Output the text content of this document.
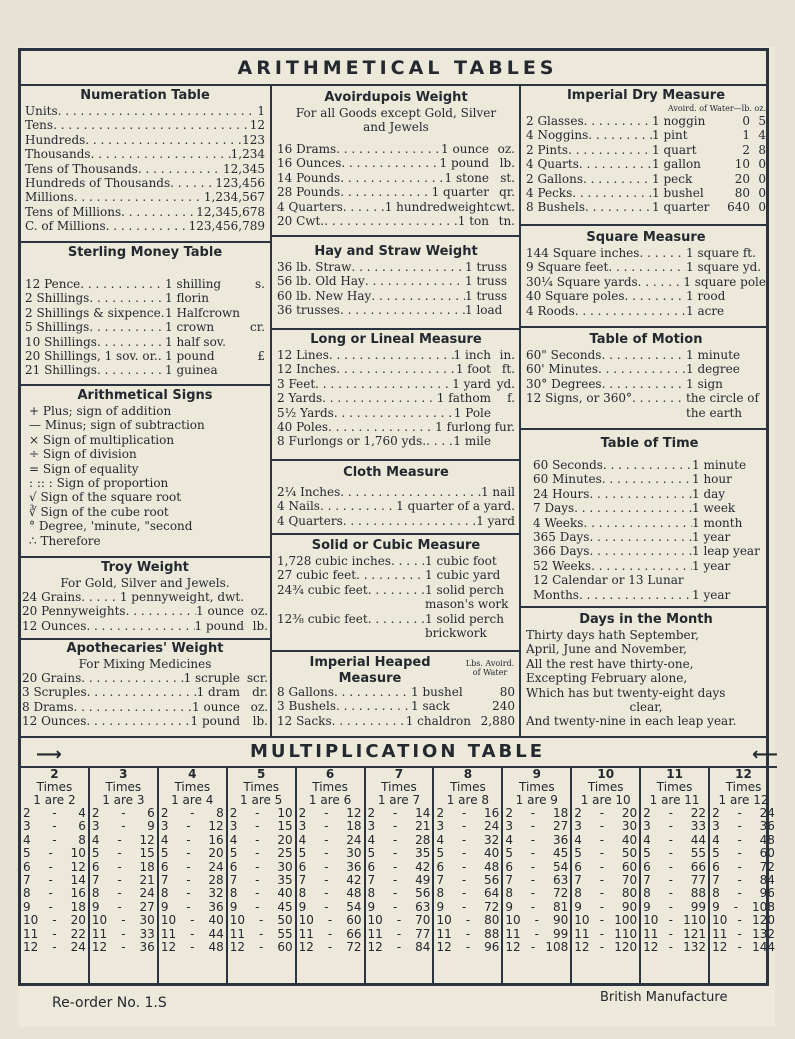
ARITHMETICAL TABLES
Numeration Table
Units . . .	1
Tens . . .	12
Hundreds . . .	123
Thousands . . .	1,234
Tens of Thousands . . .	12,345
Hundreds of Thousands . . .	123,456
Millions . . .	1,234,567
Tens of Millions . . .	12,345,678
C. of Millions . . .	123,456,789
Sterling Money Table
12 Pence . . .	1 shilling	s.
2 Shillings . . .	1 florin
2 Shillings & sixpence . . . 1 Halfcrown
5 Shillings . . .	1 crown	cr.
10 Shillings . . .	1 half sov.
20 Shillings, 1 sov. or. . . . 1 pound	£
21 Shillings . . .	1 guinea
Arithmetical Signs
+ Plus; sign of addition
— Minus; sign of subtraction
× Sign of multiplication
÷ Sign of division
= Sign of equality
: :: : Sign of proportion
√ Sign of the square root
∛ Sign of the cube root
° Degree, 'minute, "second
∴ Therefore
Troy Weight
For Gold, Silver and Jewels.
24 Grains . . .	1 pennyweight, dwt.
20 Pennyweights . . .	1 ounce oz.
12 Ounces . . .	1 pound lb.
Apothecaries' Weight
For Mixing Medicines
20 Grains . . .	1 scruple scr.
3 Scruples . . .	1 dram	dr.
8 Drams . . .	1 ounce oz.
12 Ounces . . .	1 pound	lb.
Avoirdupois Weight
For all Goods except Gold, Silver and Jewels
16 Drams . . .	1 ounce oz.
16 Ounces . . .	1 pound lb.
14 Pounds . . .	1 stone st.
28 Pounds . . .	1 quarter qr.
4 Quarters . . .	1 hundredweight cwt.
20 Cwt. . . .	1 ton tn.
Hay and Straw Weight
36 lb. Straw . . .	1 truss
56 lb. Old Hay . . .	1 truss
60 lb. New Hay . . .	1 truss
36 trusses . . .	1 load
Long or Lineal Measure
12 Lines . . .	1 inch in.
12 Inches . . .	1 foot ft.
3 Feet . . .	1 yard yd.
2 Yards . . .	1 fathom	f.
5½ Yards . . .	1 Pole
40 Poles . . .	1 furlong fur.
8 Furlongs or 1,760 yds. . . . 1 mile
Cloth Measure
2¼ Inches . . .	1 nail
4 Nails . . .	1 quarter of a yard.
4 Quarters . . .	1 yard
Solid or Cubic Measure
1,728 cubic inches . . .	1 cubic foot
27 cubic feet . . .	1 cubic yard
24¾ cubic feet . . .	1 solid perch
mason's work
12⅜ cubic feet . . .	1 solid perch
brickwork
Imperial Heaped Measure
Lbs. Avoird. of Water
8 Gallons . . .	1 bushel	80
3 Bushels . . .	1 sack	240
12 Sacks . . .	1 chaldron 2,880
Imperial Dry Measure
Avoird. of Water—lb. oz.
2 Glasses . . .	1 noggin	0 5
4 Noggins . . .	1 pint	1 4
2 Pints . . .	1 quart	2 8
4 Quarts . . .	1 gallon	10 0
2 Gallons . . .	1 peck	20 0
4 Pecks . . .	1 bushel	80 0
8 Bushels . . .	1 quarter	640 0
Square Measure
144 Square inches . . .	1 square ft.
9 Square feet . . .	1 square yd.
30¼ Square yards . . .	1 square pole
40 Square poles . . .	1 rood
4 Roods . . .	1 acre
Table of Motion
60" Seconds . . .	1 minute
60' Minutes . . .	1 degree
30° Degrees . . .	1 sign
12 Signs, or 360° . . .	the circle of
the earth
Table of Time
60 Seconds . . .	1 minute
60 Minutes . . .	1 hour
24 Hours . . .	1 day
7 Days . . .	1 week
4 Weeks . . .	1 month
365 Days . . .	1 year
366 Days . . .	1 leap year
52 Weeks . . .	1 year
12 Calendar or 13 Lunar
Months . . .	1 year
Days in the Month
Thirty days hath September,
April, June and November,
All the rest have thirty-one,
Excepting February alone,
Which has but twenty-eight days
clear,
And twenty-nine in each leap year.
⟶	MULTIPLICATION TABLE	⟵
2
Times
1 are 2
2 - 4
3 - 6
4 - 8
5 - 10
6 - 12
7 - 14
8 - 16
9 - 18
10 - 20
11 - 22
12 - 24
3
Times
1 are 3
2 - 6
3 - 9
4 - 12
5 - 15
6 - 18
7 - 21
8 - 24
9 - 27
10 - 30
11 - 33
12 - 36
4
Times
1 are 4
2 - 8
3 - 12
4 - 16
5 - 20
6 - 24
7 - 28
8 - 32
9 - 36
10 - 40
11 - 44
12 - 48
5
Times
1 are 5
2 - 10
3 - 15
4 - 20
5 - 25
6 - 30
7 - 35
8 - 40
9 - 45
10 - 50
11 - 55
12 - 60
6
Times
1 are 6
2 - 12
3 - 18
4 - 24
5 - 30
6 - 36
7 - 42
8 - 48
9 - 54
10 - 60
11 - 66
12 - 72
7
Times
1 are 7
2 - 14
3 - 21
4 - 28
5 - 35
6 - 42
7 - 49
8 - 56
9 - 63
10 - 70
11 - 77
12 - 84
8
Times
1 are 8
2 - 16
3 - 24
4 - 32
5 - 40
6 - 48
7 - 56
8 - 64
9 - 72
10 - 80
11 - 88
12 - 96
9
Times
1 are 9
2 - 18
3 - 27
4 - 36
5 - 45
6 - 54
7 - 63
8 - 72
9 - 81
10 - 90
11 - 99
12 - 108
10
Times
1 are 10
2 - 20
3 - 30
4 - 40
5 - 50
6 - 60
7 - 70
8 - 80
9 - 90
10 - 100
11 - 110
12 - 120
11
Times
1 are 11
2 - 22
3 - 33
4 - 44
5 - 55
6 - 66
7 - 77
8 - 88
9 - 99
10 - 110
11 - 121
12 - 132
12
Times
1 are 12
2 - 24
3 - 36
4 - 48
5 - 60
6 - 72
7 - 84
8 - 96
9 - 108
10 - 120
11 - 132
12 - 144
Re-order No. 1.S	British Manufacture
